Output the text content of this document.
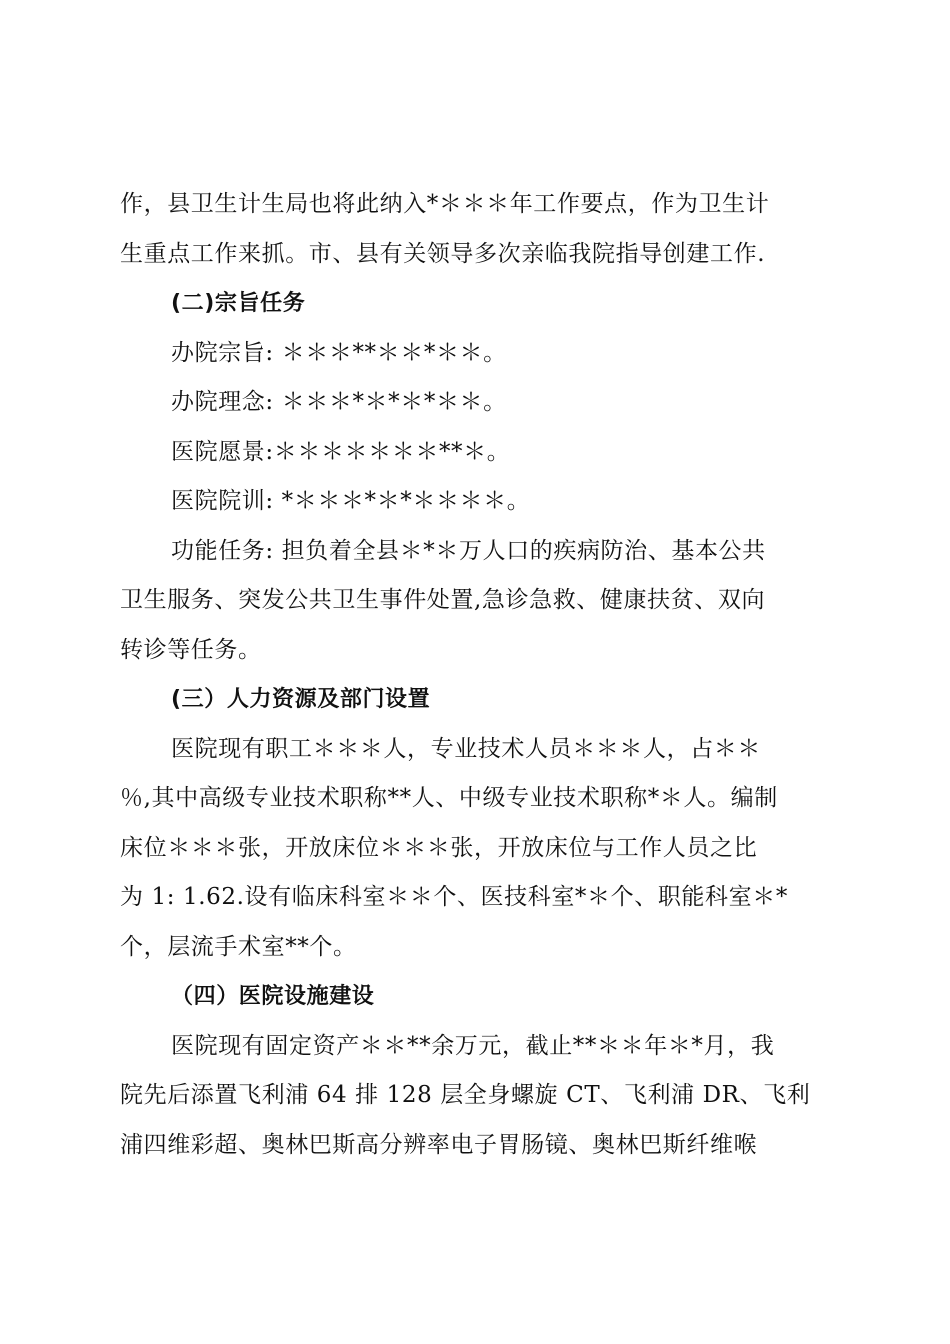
作，县卫生计生局也将此纳入*＊＊＊年工作要点，作为卫生计
生重点工作来抓。市、县有关领导多次亲临我院指导创建工作.

(二)宗旨任务

办院宗旨: ＊＊＊**＊＊*＊＊。

办院理念: ＊＊＊*＊*＊*＊＊。

医院愿景:＊＊＊＊＊＊＊**＊。

医院院训: *＊＊＊*＊*＊＊＊＊。

功能任务: 担负着全县＊*＊万人口的疾病防治、基本公共
卫生服务、突发公共卫生事件处置,急诊急救、健康扶贫、双向
转诊等任务。

(三）人力资源及部门设置

医院现有职工＊＊＊人，专业技术人员＊＊＊人，占＊＊
％,其中高级专业技术职称**人、中级专业技术职称*＊人。编制
床位＊＊＊张，开放床位＊＊＊张，开放床位与工作人员之比
为 1: 1.62.设有临床科室＊＊个、医技科室*＊个、职能科室＊*
个，层流手术室**个。

（四）医院设施建设

医院现有固定资产＊＊**余万元，截止**＊＊年＊*月，我
院先后添置飞利浦 64 排 128 层全身螺旋 CT、飞利浦 DR、飞利
浦四维彩超、奥林巴斯高分辨率电子胃肠镜、奥林巴斯纤维喉
